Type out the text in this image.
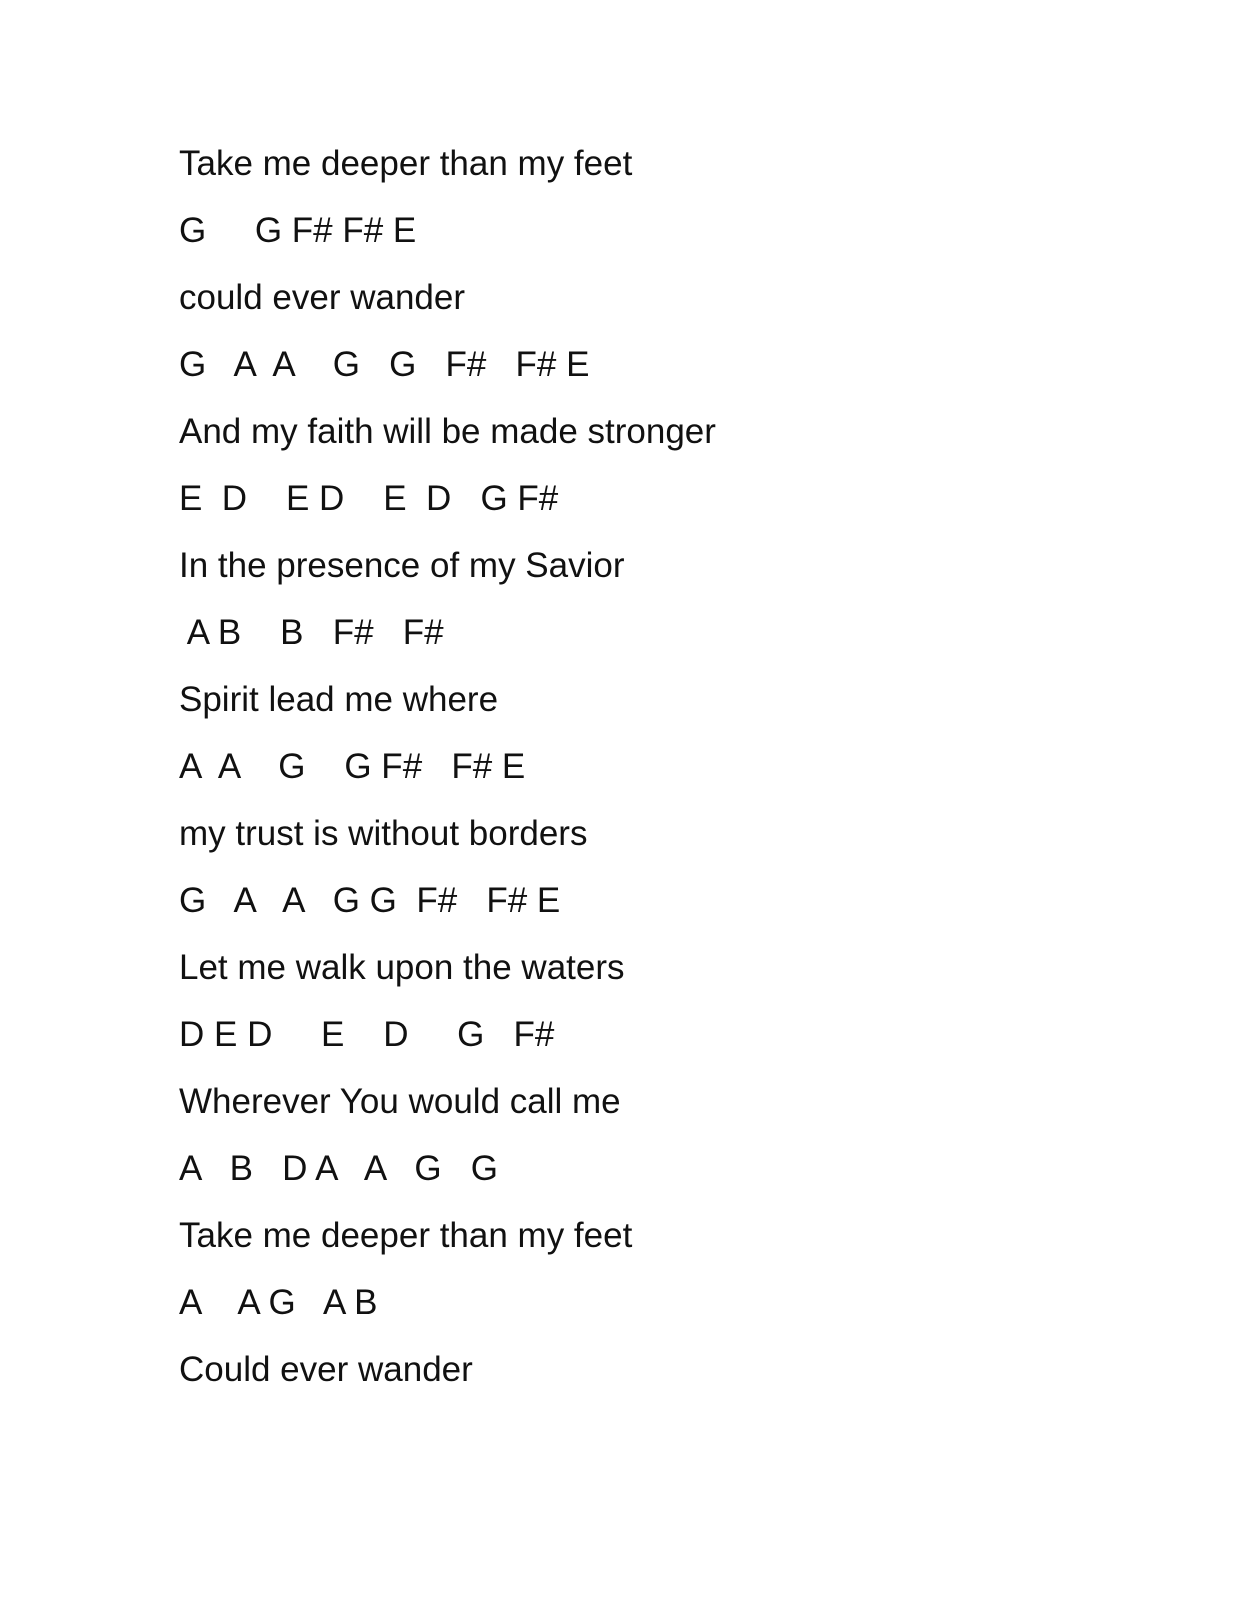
Take me deeper than my feet
G     G F# F# E
could ever wander
G   A  A    G   G   F#   F# E
And my faith will be made stronger
E  D    E D    E  D   G F#
In the presence of my Savior
A B    B   F#   F#
Spirit lead me where
A  A    G    G F#   F# E
my trust is without borders
G   A   A   G G  F#   F# E
Let me walk upon the waters
D E D     E    D     G   F#
Wherever You would call me
A   B   D A   A   G   G
Take me deeper than my feet
A    A G   A B
Could ever wander
